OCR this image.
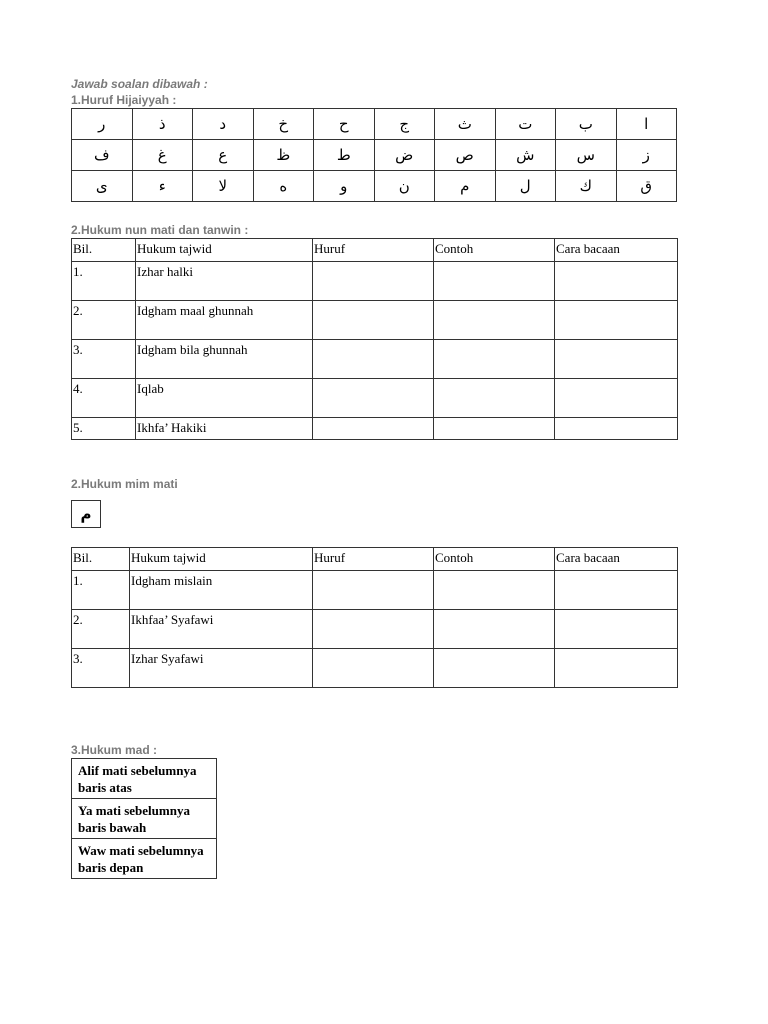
Jawab soalan dibawah :
1.Huruf Hijaiyyah :
ر	ذ	د	خ	ح	ج	ث	ت	ب	ا
ف	غ	ع	ظ	ط	ض	ص	ش	س	ز
ى	ء	لا	ه	و	ن	م	ل	ك	ق
2.Hukum nun mati dan tanwin :
Bil.	Hukum tajwid	Huruf	Contoh	Cara bacaan
1.	Izhar halki			
2.	Idgham maal ghunnah			
3.	Idgham bila ghunnah			
4.	Iqlab			
5.	Ikhfa’ Hakiki			
2.Hukum mim mati
م
Bil.	Hukum tajwid	Huruf	Contoh	Cara bacaan
1.	Idgham mislain			
2.	Ikhfaa’ Syafawi			
3.	Izhar Syafawi			
3.Hukum mad :
Alif mati sebelumnya baris atas
Ya mati sebelumnya baris bawah
Waw mati sebelumnya baris depan
